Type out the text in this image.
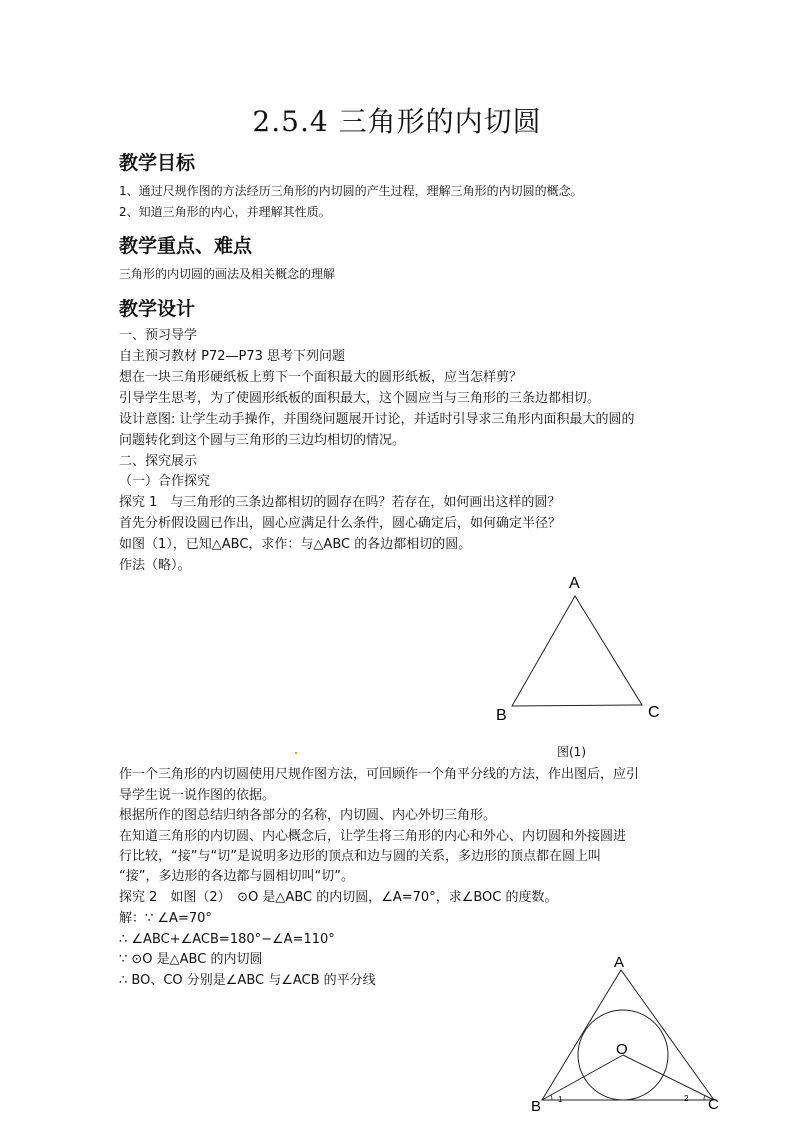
2.5.4 三角形的内切圆
教学目标
1、通过尺规作图的方法经历三角形的内切圆的产生过程，理解三角形的内切圆的概念。
2、知道三角形的内心，并理解其性质。
教学重点、难点
三角形的内切圆的画法及相关概念的理解
教学设计
一、预习导学
自主预习教材 P72—P73 思考下列问题
想在一块三角形硬纸板上剪下一个面积最大的圆形纸板，应当怎样剪？
引导学生思考，为了使圆形纸板的面积最大，这个圆应当与三角形的三条边都相切。
设计意图: 让学生动手操作，并围绕问题展开讨论，并适时引导求三角形内面积最大的圆的
问题转化到这个圆与三角形的三边均相切的情况。
二、探究展示
（一）合作探究
探究 1　与三角形的三条边都相切的圆存在吗？若存在，如何画出这样的圆？
首先分析假设圆已作出，圆心应满足什么条件，圆心确定后，如何确定半径？
如图（1），已知△ABC，求作：与△ABC 的各边都相切的圆。
作法（略）。
A
B	C
图(1)
作一个三角形的内切圆使用尺规作图方法，可回顾作一个角平分线的方法，作出图后，应引
导学生说一说作图的依据。
根据所作的图总结归纳各部分的名称，内切圆、内心外切三角形。
在知道三角形的内切圆、内心概念后，让学生将三角形的内心和外心、内切圆和外接圆进
行比较，“接”与“切”是说明多边形的顶点和边与圆的关系，多边形的顶点都在圆上叫
“接”，多边形的各边都与圆相切叫“切”。
探究 2　如图（2）　⊙O 是△ABC 的内切圆，∠A=70°，求∠BOC 的度数。
解：∵ ∠A=70°
∴ ∠ABC+∠ACB=180°−∠A=110°
∵ ⊙O 是△ABC 的内切圆
∴ BO、CO 分别是∠ABC 与∠ACB 的平分线
A
B	C
O
1	2
